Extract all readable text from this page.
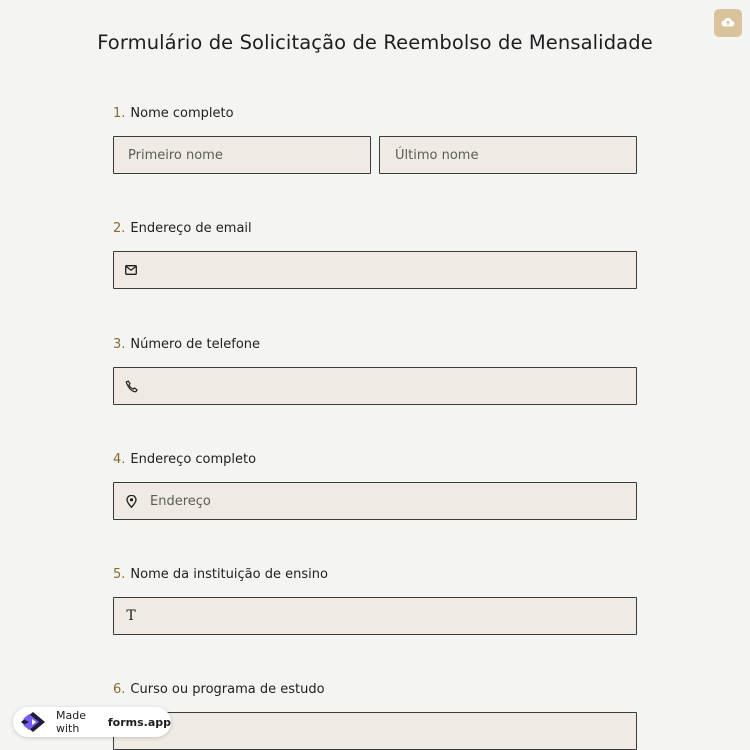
Formulário de Solicitação de Reembolso de Mensalidade
1. Nome completo
Primeiro nome	Último nome
2. Endereço de email
3. Número de telefone
4. Endereço completo
Endereço
5. Nome da instituição de ensino
T
6. Curso ou programa de estudo
Made with	forms.app
